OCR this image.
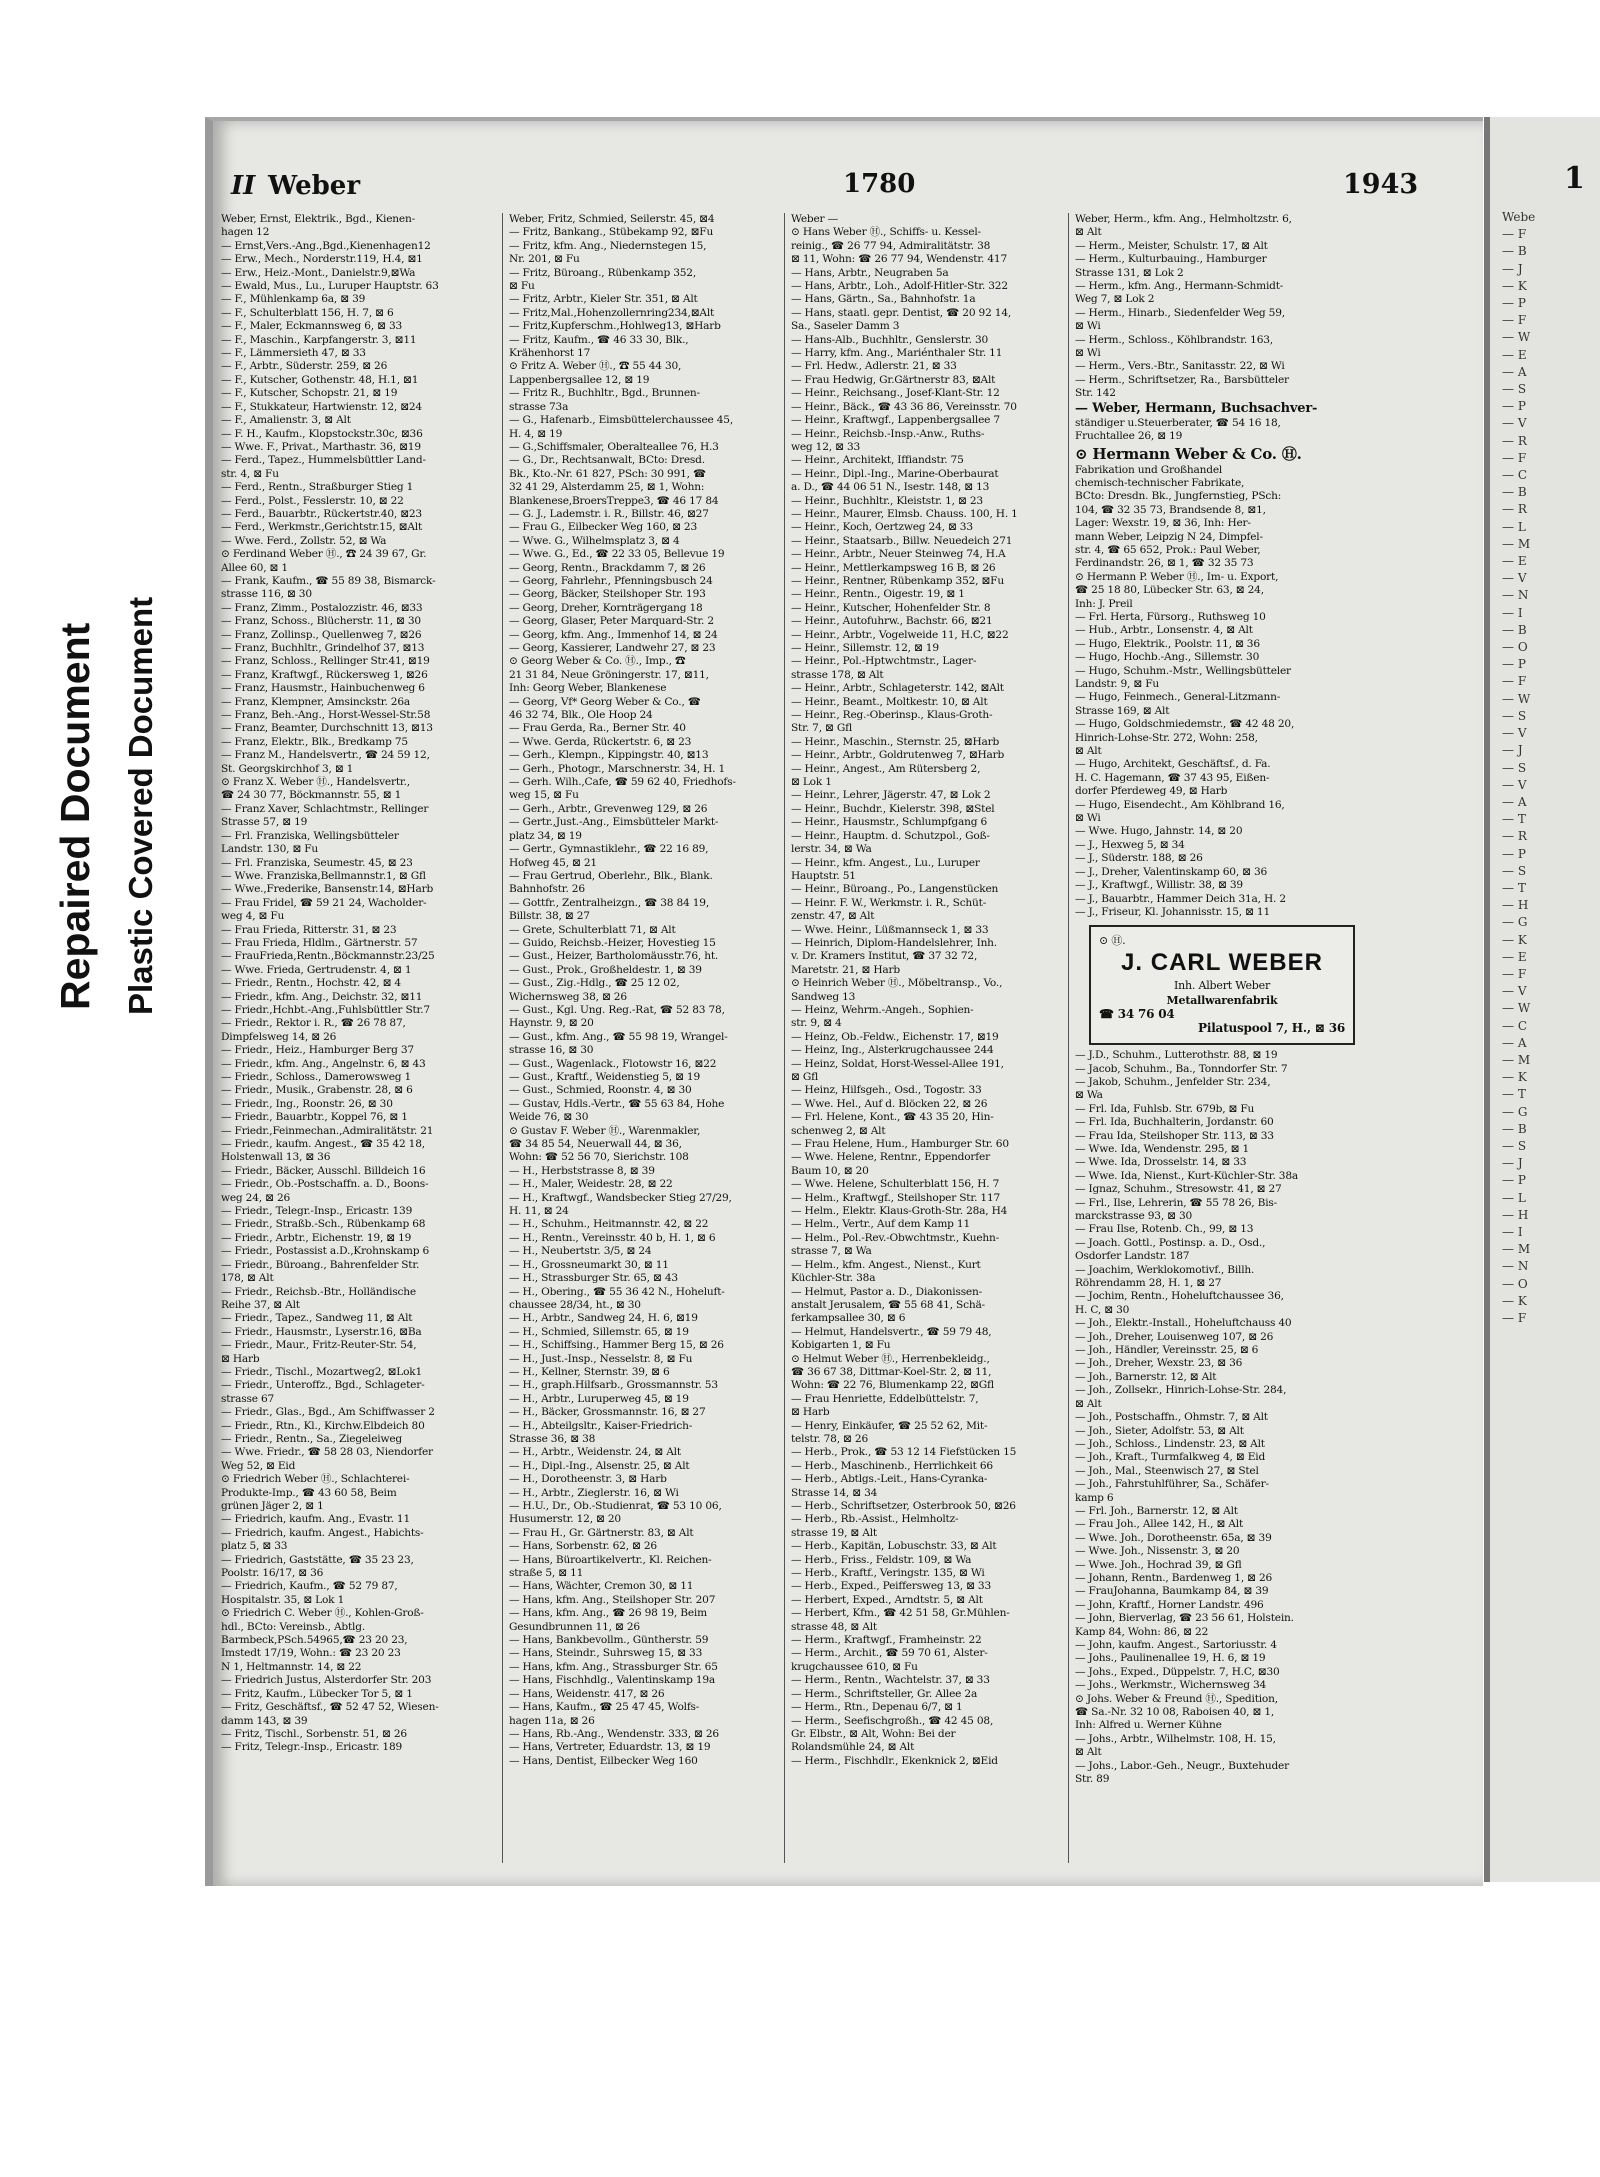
Repaired Document Plastic Covered Document
II Weber	1780	1943
Weber, Ernst, Elektrik., Bgd., Kienen-
hagen 12
— Ernst,Vers.-Ang.,Bgd.,Kienenhagen12
— Erw., Mech., Norderstr.119, H.4, ⊠1
— Erw., Heiz.-Mont., Danielstr.9,⊠Wa
— Ewald, Mus., Lu., Luruper Hauptstr. 63
— F., Mühlenkamp 6a, ⊠ 39
— F., Schulterblatt 156, H. 7, ⊠ 6
— F., Maler, Eckmannsweg 6, ⊠ 33
— F., Maschin., Karpfangerstr. 3, ⊠11
— F., Lämmersieth 47, ⊠ 33
— F., Arbtr., Süderstr. 259, ⊠ 26
— F., Kutscher, Gothenstr. 48, H.1, ⊠1
— F., Kutscher, Schopstr. 21, ⊠ 19
— F., Stukkateur, Hartwienstr. 12, ⊠24
— F., Amalienstr. 3, ⊠ Alt
— F. H., Kaufm., Klopstockstr.30c, ⊠36
— Wwe. F., Privat., Marthastr. 36, ⊠19
— Ferd., Tapez., Hummelsbüttler Land-
str. 4, ⊠ Fu
— Ferd., Rentn., Straßburger Stieg 1
— Ferd., Polst., Fesslerstr. 10, ⊠ 22
— Ferd., Bauarbtr., Rückertstr.40, ⊠23
— Ferd., Werkmstr.,Gerichtstr.15, ⊠Alt
— Wwe. Ferd., Zollstr. 52, ⊠ Wa
⊙ Ferdinand Weber Ⓗ., ☎ 24 39 67, Gr.
Allee 60, ⊠ 1
— Frank, Kaufm., ☎ 55 89 38, Bismarck-
strasse 116, ⊠ 30
— Franz, Zimm., Postalozzistr. 46, ⊠33
— Franz, Schoss., Blücherstr. 11, ⊠ 30
— Franz, Zollinsp., Quellenweg 7, ⊠26
— Franz, Buchhltr., Grindelhof 37, ⊠13
— Franz, Schloss., Rellinger Str.41, ⊠19
— Franz, Kraftwgf., Rückersweg 1, ⊠26
— Franz, Hausmstr., Hainbuchenweg 6
— Franz, Klempner, Amsinckstr. 26a
— Franz, Beh.-Ang., Horst-Wessel-Str.58
— Franz, Beamter, Durchschnitt 13, ⊠13
— Franz, Elektr., Blk., Bredkamp 75
— Franz M., Handelsvertr., ☎ 24 59 12,
St. Georgskirchhof 3, ⊠ 1
⊙ Franz X. Weber Ⓗ., Handelsvertr.,
☎ 24 30 77, Böckmannstr. 55, ⊠ 1
— Franz Xaver, Schlachtmstr., Rellinger
Strasse 57, ⊠ 19
— Frl. Franziska, Wellingsbütteler
Landstr. 130, ⊠ Fu
— Frl. Franziska, Seumestr. 45, ⊠ 23
— Wwe. Franziska,Bellmannstr.1, ⊠ Gfl
— Wwe.,Frederike, Bansenstr.14, ⊠Harb
— Frau Fridel, ☎ 59 21 24, Wacholder-
weg 4, ⊠ Fu
— Frau Frieda, Ritterstr. 31, ⊠ 23
— Frau Frieda, Hldlm., Gärtnerstr. 57
— FrauFrieda,Rentn.,Böckmannstr.23/25
— Wwe. Frieda, Gertrudenstr. 4, ⊠ 1
— Friedr., Rentn., Hochstr. 42, ⊠ 4
— Friedr., kfm. Ang., Deichstr. 32, ⊠11
— Friedr.,Hchbt.-Ang.,Fuhlsbüttler Str.7
— Friedr., Rektor i. R., ☎ 26 78 87,
Dimpfelsweg 14, ⊠ 26
— Friedr., Heiz., Hamburger Berg 37
— Friedr., kfm. Ang., Angelnstr. 6, ⊠ 43
— Friedr., Schloss., Damerowsweg 1
— Friedr., Musik., Grabenstr. 28, ⊠ 6
— Friedr., Ing., Roonstr. 26, ⊠ 30
— Friedr., Bauarbtr., Koppel 76, ⊠ 1
— Friedr.,Feinmechan.,Admiralitätstr. 21
— Friedr., kaufm. Angest., ☎ 35 42 18,
Holstenwall 13, ⊠ 36
— Friedr., Bäcker, Ausschl. Billdeich 16
— Friedr., Ob.-Postschaffn. a. D., Boons-
weg 24, ⊠ 26
— Friedr., Telegr.-Insp., Ericastr. 139
— Friedr., Straßb.-Sch., Rübenkamp 68
— Friedr., Arbtr., Eichenstr. 19, ⊠ 19
— Friedr., Postassist a.D.,Krohnskamp 6
— Friedr., Büroang., Bahrenfelder Str.
178, ⊠ Alt
— Friedr., Reichsb.-Btr., Holländische
Reihe 37, ⊠ Alt
— Friedr., Tapez., Sandweg 11, ⊠ Alt
— Friedr., Hausmstr., Lyserstr.16, ⊠Ba
— Friedr., Maur., Fritz-Reuter-Str. 54,
⊠ Harb
— Friedr., Tischl., Mozartweg2, ⊠Lok1
— Friedr., Unteroffz., Bgd., Schlageter-
strasse 67
— Friedr., Glas., Bgd., Am Schiffwasser 2
— Friedr., Rtn., Kl., Kirchw.Elbdeich 80
— Friedr., Rentn., Sa., Ziegeleiweg
— Wwe. Friedr., ☎ 58 28 03, Niendorfer
Weg 52, ⊠ Eid
⊙ Friedrich Weber Ⓗ., Schlachterei-
Produkte-Imp., ☎ 43 60 58, Beim
grünen Jäger 2, ⊠ 1
— Friedrich, kaufm. Ang., Evastr. 11
— Friedrich, kaufm. Angest., Habichts-
platz 5, ⊠ 33
— Friedrich, Gaststätte, ☎ 35 23 23,
Poolstr. 16/17, ⊠ 36
— Friedrich, Kaufm., ☎ 52 79 87,
Hospitalstr. 35, ⊠ Lok 1
⊙ Friedrich C. Weber Ⓗ., Kohlen-Groß-
hdl., BCto: Vereinsb., Abtlg.
Barmbeck,PSch.54965,☎ 23 20 23,
Imstedt 17/19, Wohn.: ☎ 23 20 23
N 1, Heltmannstr. 14, ⊠ 22
— Friedrich Justus, Alsterdorfer Str. 203
— Fritz, Kaufm., Lübecker Tor 5, ⊠ 1
— Fritz, Geschäftsf., ☎ 52 47 52, Wiesen-
damm 143, ⊠ 39
— Fritz, Tischl., Sorbenstr. 51, ⊠ 26
— Fritz, Telegr.-Insp., Ericastr. 189
Weber, Fritz, Schmied, Seilerstr. 45, ⊠4
— Fritz, Bankang., Stübekamp 92, ⊠Fu
— Fritz, kfm. Ang., Niedernstegen 15,
Nr. 201, ⊠ Fu
— Fritz, Büroang., Rübenkamp 352,
⊠ Fu
— Fritz, Arbtr., Kieler Str. 351, ⊠ Alt
— Fritz,Mal.,Hohenzollernring234,⊠Alt
— Fritz,Kupferschm.,Hohlweg13, ⊠Harb
— Fritz, Kaufm., ☎ 46 33 30, Blk.,
Krähenhorst 17
⊙ Fritz A. Weber Ⓗ., ☎ 55 44 30,
Lappenbergsallee 12, ⊠ 19
— Fritz R., Buchhltr., Bgd., Brunnen-
strasse 73a
— G., Hafenarb., Eimsbüttelerchaussee 45,
H. 4, ⊠ 19
— G.,Schiffsmaler, Oberalteallee 76, H.3
— G., Dr., Rechtsanwalt, BCto: Dresd.
Bk., Kto.-Nr. 61 827, PSch: 30 991, ☎
32 41 29, Alsterdamm 25, ⊠ 1, Wohn:
Blankenese,BroersTreppe3, ☎ 46 17 84
— G. J., Lademstr. i. R., Billstr. 46, ⊠27
— Frau G., Eilbecker Weg 160, ⊠ 23
— Wwe. G., Wilhelmsplatz 3, ⊠ 4
— Wwe. G., Ed., ☎ 22 33 05, Bellevue 19
— Georg, Rentn., Brackdamm 7, ⊠ 26
— Georg, Fahrlehr., Pfenningsbusch 24
— Georg, Bäcker, Steilshoper Str. 193
— Georg, Dreher, Kornträgergang 18
— Georg, Glaser, Peter Marquard-Str. 2
— Georg, kfm. Ang., Immenhof 14, ⊠ 24
— Georg, Kassierer, Landwehr 27, ⊠ 23
⊙ Georg Weber & Co. Ⓗ., Imp., ☎
21 31 84, Neue Gröningerstr. 17, ⊠11,
Inh: Georg Weber, Blankenese
— Georg, Vf* Georg Weber & Co., ☎
46 32 74, Blk., Ole Hoop 24
— Frau Gerda, Ra., Berner Str. 40
— Wwe. Gerda, Rückertstr. 6, ⊠ 23
— Gerh., Klempn., Kippingstr. 40, ⊠13
— Gerh., Photogr., Marschnerstr. 34, H. 1
— Gerh. Wilh.,Cafe, ☎ 59 62 40, Friedhofs-
weg 15, ⊠ Fu
— Gerh., Arbtr., Grevenweg 129, ⊠ 26
— Gertr.,Just.-Ang., Eimsbütteler Markt-
platz 34, ⊠ 19
— Gertr., Gymnastiklehr., ☎ 22 16 89,
Hofweg 45, ⊠ 21
— Frau Gertrud, Oberlehr., Blk., Blank.
Bahnhofstr. 26
— Gottfr., Zentralheizgn., ☎ 38 84 19,
Billstr. 38, ⊠ 27
— Grete, Schulterblatt 71, ⊠ Alt
— Guido, Reichsb.-Heizer, Hovestieg 15
— Gust., Heizer, Bartholomäusstr.76, ht.
— Gust., Prok., Großheldestr. 1, ⊠ 39
— Gust., Zig.-Hdlg., ☎ 25 12 02,
Wichernsweg 38, ⊠ 26
— Gust., Kgl. Ung. Reg.-Rat, ☎ 52 83 78,
Haynstr. 9, ⊠ 20
— Gust., kfm. Ang., ☎ 55 98 19, Wrangel-
strasse 16, ⊠ 30
— Gust., Wagenlack., Flotowstr 16, ⊠22
— Gust., Kraftf., Weidenstieg 5, ⊠ 19
— Gust., Schmied, Roonstr. 4, ⊠ 30
— Gustav, Hdls.-Vertr., ☎ 55 63 84, Hohe
Weide 76, ⊠ 30
⊙ Gustav F. Weber Ⓗ., Warenmakler,
☎ 34 85 54, Neuerwall 44, ⊠ 36,
Wohn: ☎ 52 56 70, Sierichstr. 108
— H., Herbststrasse 8, ⊠ 39
— H., Maler, Weidestr. 28, ⊠ 22
— H., Kraftwgf., Wandsbecker Stieg 27/29,
H. 11, ⊠ 24
— H., Schuhm., Heitmannstr. 42, ⊠ 22
— H., Rentn., Vereinsstr. 40 b, H. 1, ⊠ 6
— H., Neubertstr. 3/5, ⊠ 24
— H., Grossneumarkt 30, ⊠ 11
— H., Strassburger Str. 65, ⊠ 43
— H., Obering., ☎ 55 36 42 N., Hoheluft-
chaussee 28/34, ht., ⊠ 30
— H., Arbtr., Sandweg 24, H. 6, ⊠19
— H., Schmied, Sillemstr. 65, ⊠ 19
— H., Schiffsing., Hammer Berg 15, ⊠ 26
— H., Just.-Insp., Nesselstr. 8, ⊠ Fu
— H., Kellner, Sternstr. 39, ⊠ 6
— H., graph.Hilfsarb., Grossmannstr. 53
— H., Arbtr., Luruperweg 45, ⊠ 19
— H., Bäcker, Grossmannstr. 16, ⊠ 27
— H., Abteilgsltr., Kaiser-Friedrich-
Strasse 36, ⊠ 38
— H., Arbtr., Weidenstr. 24, ⊠ Alt
— H., Dipl.-Ing., Alsenstr. 25, ⊠ Alt
— H., Dorotheenstr. 3, ⊠ Harb
— H., Arbtr., Zieglerstr. 16, ⊠ Wi
— H.U., Dr., Ob.-Studienrat, ☎ 53 10 06,
Husumerstr. 12, ⊠ 20
— Frau H., Gr. Gärtnerstr. 83, ⊠ Alt
— Hans, Sorbenstr. 62, ⊠ 26
— Hans, Büroartikelvertr., Kl. Reichen-
straße 5, ⊠ 11
— Hans, Wächter, Cremon 30, ⊠ 11
— Hans, kfm. Ang., Steilshoper Str. 207
— Hans, kfm. Ang., ☎ 26 98 19, Beim
Gesundbrunnen 11, ⊠ 26
— Hans, Bankbevollm., Güntherstr. 59
— Hans, Steindr., Suhrsweg 15, ⊠ 33
— Hans, kfm. Ang., Strassburger Str. 65
— Hans, Fischhdlg., Valentinskamp 19a
— Hans, Weidenstr. 417, ⊠ 26
— Hans, Kaufm., ☎ 25 47 45, Wolfs-
hagen 11a, ⊠ 26
— Hans, Rb.-Ang., Wendenstr. 333, ⊠ 26
— Hans, Vertreter, Eduardstr. 13, ⊠ 19
— Hans, Dentist, Eilbecker Weg 160
Weber —
⊙ Hans Weber Ⓗ., Schiffs- u. Kessel-
reinig., ☎ 26 77 94, Admiralitätstr. 38
⊠ 11, Wohn: ☎ 26 77 94, Wendenstr. 417
— Hans, Arbtr., Neugraben 5a
— Hans, Arbtr., Loh., Adolf-Hitler-Str. 322
— Hans, Gärtn., Sa., Bahnhofstr. 1a
— Hans, staatl. gepr. Dentist, ☎ 20 92 14,
Sa., Saseler Damm 3
— Hans-Alb., Buchhltr., Genslerstr. 30
— Harry, kfm. Ang., Mariénthaler Str. 11
— Frl. Hedw., Adlerstr. 21, ⊠ 33
— Frau Hedwig, Gr.Gärtnerstr 83, ⊠Alt
— Heinr., Reichsang., Josef-Klant-Str. 12
— Heinr., Bäck., ☎ 43 36 86, Vereinsstr. 70
— Heinr., Kraftwgf., Lappenbergsallee 7
— Heinr., Reichsb.-Insp.-Anw., Ruths-
weg 12, ⊠ 33
— Heinr., Architekt, Iffiandstr. 75
— Heinr., Dipl.-Ing., Marine-Oberbaurat
a. D., ☎ 44 06 51 N., Isestr. 148, ⊠ 13
— Heinr., Buchhltr., Kleiststr. 1, ⊠ 23
— Heinr., Maurer, Elmsb. Chauss. 100, H. 1
— Heinr., Koch, Oertzweg 24, ⊠ 33
— Heinr., Staatsarb., Billw. Neuedeich 271
— Heinr., Arbtr., Neuer Steinweg 74, H.A
— Heinr., Mettlerkampsweg 16 B, ⊠ 26
— Heinr., Rentner, Rübenkamp 352, ⊠Fu
— Heinr., Rentn., Oigestr. 19, ⊠ 1
— Heinr., Kutscher, Hohenfelder Str. 8
— Heinr., Autofuhrw., Bachstr. 66, ⊠21
— Heinr., Arbtr., Vogelweide 11, H.C, ⊠22
— Heinr., Sillemstr. 12, ⊠ 19
— Heinr., Pol.-Hptwchtmstr., Lager-
strasse 178, ⊠ Alt
— Heinr., Arbtr., Schlageterstr. 142, ⊠Alt
— Heinr., Beamt., Moltkestr. 10, ⊠ Alt
— Heinr., Reg.-Oberinsp., Klaus-Groth-
Str. 7, ⊠ Gfl
— Heinr., Maschin., Sternstr. 25, ⊠Harb
— Heinr., Arbtr., Goldrutenweg 7, ⊠Harb
— Heinr., Angest., Am Rütersberg 2,
⊠ Lok 1
— Heinr., Lehrer, Jägerstr. 47, ⊠ Lok 2
— Heinr., Buchdr., Kielerstr. 398, ⊠Stel
— Heinr., Hausmstr., Schlumpfgang 6
— Heinr., Hauptm. d. Schutzpol., Goß-
lerstr. 34, ⊠ Wa
— Heinr., kfm. Angest., Lu., Luruper
Hauptstr. 51
— Heinr., Büroang., Po., Langenstücken
— Heinr. F. W., Werkmstr. i. R., Schüt-
zenstr. 47, ⊠ Alt
— Wwe. Heinr., Lüßmannseck 1, ⊠ 33
— Heinrich, Diplom-Handelslehrer, Inh.
v. Dr. Kramers Institut, ☎ 37 32 72,
Maretstr. 21, ⊠ Harb
⊙ Heinrich Weber Ⓗ., Möbeltransp., Vo.,
Sandweg 13
— Heinz, Wehrm.-Angeh., Sophien-
str. 9, ⊠ 4
— Heinz, Ob.-Feldw., Eichenstr. 17, ⊠19
— Heinz, Ing., Alsterkrugchaussee 244
— Heinz, Soldat, Horst-Wessel-Allee 191,
⊠ Gfl
— Heinz, Hilfsgeh., Osd., Togostr. 33
— Wwe. Hel., Auf d. Blöcken 22, ⊠ 26
— Frl. Helene, Kont., ☎ 43 35 20, Hin-
schenweg 2, ⊠ Alt
— Frau Helene, Hum., Hamburger Str. 60
— Wwe. Helene, Rentnr., Eppendorfer
Baum 10, ⊠ 20
— Wwe. Helene, Schulterblatt 156, H. 7
— Helm., Kraftwgf., Steilshoper Str. 117
— Helm., Elektr. Klaus-Groth-Str. 28a, H4
— Helm., Vertr., Auf dem Kamp 11
— Helm., Pol.-Rev.-Obwchtmstr., Kuehn-
strasse 7, ⊠ Wa
— Helm., kfm. Angest., Nienst., Kurt
Küchler-Str. 38a
— Helmut, Pastor a. D., Diakonissen-
anstalt Jerusalem, ☎ 55 68 41, Schä-
ferkampsallee 30, ⊠ 6
— Helmut, Handelsvertr., ☎ 59 79 48,
Kobigarten 1, ⊠ Fu
⊙ Helmut Weber Ⓗ., Herrenbekleidg.,
☎ 36 67 38, Dittmar-Koel-Str. 2, ⊠ 11,
Wohn: ☎ 22 76, Blumenkamp 22, ⊠Gfl
— Frau Henriette, Eddelbüttelstr. 7,
⊠ Harb
— Henry, Einkäufer, ☎ 25 52 62, Mit-
telstr. 78, ⊠ 26
— Herb., Prok., ☎ 53 12 14 Fiefstücken 15
— Herb., Maschinenb., Herrlichkeit 66
— Herb., Abtlgs.-Leit., Hans-Cyranka-
Strasse 14, ⊠ 34
— Herb., Schriftsetzer, Osterbrook 50, ⊠26
— Herb., Rb.-Assist., Helmholtz-
strasse 19, ⊠ Alt
— Herb., Kapitän, Lobuschstr. 33, ⊠ Alt
— Herb., Friss., Feldstr. 109, ⊠ Wa
— Herb., Kraftf., Veringstr. 135, ⊠ Wi
— Herb., Exped., Peiffersweg 13, ⊠ 33
— Herbert, Exped., Arndtstr. 5, ⊠ Alt
— Herbert, Kfm., ☎ 42 51 58, Gr.Mühlen-
strasse 48, ⊠ Alt
— Herm., Kraftwgf., Framheinstr. 22
— Herm., Archit., ☎ 59 70 61, Alster-
krugchaussee 610, ⊠ Fu
— Herm., Rentn., Wachtelstr. 37, ⊠ 33
— Herm., Schriftsteller, Gr. Allee 2a
— Herm., Rtn., Depenau 6/7, ⊠ 1
— Herm., Seefischgroßh., ☎ 42 45 08,
Gr. Elbstr., ⊠ Alt, Wohn: Bei der
Rolandsmühle 24, ⊠ Alt
— Herm., Fischhdlr., Ekenknick 2, ⊠Eid
Weber, Herm., kfm. Ang., Helmholtzstr. 6,
⊠ Alt
— Herm., Meister, Schulstr. 17, ⊠ Alt
— Herm., Kulturbauing., Hamburger
Strasse 131, ⊠ Lok 2
— Herm., kfm. Ang., Hermann-Schmidt-
Weg 7, ⊠ Lok 2
— Herm., Hinarb., Siedenfelder Weg 59,
⊠ Wi
— Herm., Schloss., Köhlbrandstr. 163,
⊠ Wi
— Herm., Vers.-Btr., Sanitasstr. 22, ⊠ Wi
— Herm., Schriftsetzer, Ra., Barsbütteler
Str. 142
— Weber, Hermann, Buchsachver-
ständiger u.Steuerberater, ☎ 54 16 18,
Fruchtallee 26, ⊠ 19
⊙ Hermann Weber & Co. Ⓗ.
Fabrikation und Großhandel
chemisch-technischer Fabrikate,
BCto: Dresdn. Bk., Jungfernstieg, PSch:
104, ☎ 32 35 73, Brandsende 8, ⊠1,
Lager: Wexstr. 19, ⊠ 36, Inh: Her-
mann Weber, Leipzig N 24, Dimpfel-
str. 4, ☎ 65 652, Prok.: Paul Weber,
Ferdinandstr. 26, ⊠ 1, ☎ 32 35 73
⊙ Hermann P. Weber Ⓗ., Im- u. Export,
☎ 25 18 80, Lübecker Str. 63, ⊠ 24,
Inh: J. Preil
— Frl. Herta, Fürsorg., Ruthsweg 10
— Hub., Arbtr., Lonsenstr. 4, ⊠ Alt
— Hugo, Elektrik., Poolstr. 11, ⊠ 36
— Hugo, Hochb.-Ang., Sillemstr. 30
— Hugo, Schuhm.-Mstr., Wellingsbütteler
Landstr. 9, ⊠ Fu
— Hugo, Feinmech., General-Litzmann-
Strasse 169, ⊠ Alt
— Hugo, Goldschmiedemstr., ☎ 42 48 20,
Hinrich-Lohse-Str. 272, Wohn: 258,
⊠ Alt
— Hugo, Architekt, Geschäftsf., d. Fa.
H. C. Hagemann, ☎ 37 43 95, Eißen-
dorfer Pferdeweg 49, ⊠ Harb
— Hugo, Eisendecht., Am Köhlbrand 16,
⊠ Wi
— Wwe. Hugo, Jahnstr. 14, ⊠ 20
— J., Hexweg 5, ⊠ 34
— J., Süderstr. 188, ⊠ 26
— J., Dreher, Valentinskamp 60, ⊠ 36
— J., Kraftwgf., Willistr. 38, ⊠ 39
— J., Bauarbtr., Hammer Deich 31a, H. 2
— J., Friseur, Kl. Johannisstr. 15, ⊠ 11
⊙ Ⓗ.
J. CARL WEBER
Inh. Albert Weber
Metallwarenfabrik
☎ 34 76 04
Pilatuspool 7, H., ⊠ 36
— J.D., Schuhm., Lutterothstr. 88, ⊠ 19
— Jacob, Schuhm., Ba., Tonndorfer Str. 7
— Jakob, Schuhm., Jenfelder Str. 234,
⊠ Wa
— Frl. Ida, Fuhlsb. Str. 679b, ⊠ Fu
— Frl. Ida, Buchhalterin, Jordanstr. 60
— Frau Ida, Steilshoper Str. 113, ⊠ 33
— Wwe. Ida, Wendenstr. 295, ⊠ 1
— Wwe. Ida, Drosselstr. 14, ⊠ 33
— Wwe. Ida, Nienst., Kurt-Küchler-Str. 38a
— Ignaz, Schuhm., Stresowstr. 41, ⊠ 27
— Frl., Ilse, Lehrerin, ☎ 55 78 26, Bis-
marckstrasse 93, ⊠ 30
— Frau Ilse, Rotenb. Ch., 99, ⊠ 13
— Joach. Gottl., Postinsp. a. D., Osd.,
Osdorfer Landstr. 187
— Joachim, Werklokomotivf., Billh.
Röhrendamm 28, H. 1, ⊠ 27
— Jochim, Rentn., Hoheluftchaussee 36,
H. C, ⊠ 30
— Joh., Elektr.-Install., Hoheluftchauss 40
— Joh., Dreher, Louisenweg 107, ⊠ 26
— Joh., Händler, Vereinsstr. 25, ⊠ 6
— Joh., Dreher, Wexstr. 23, ⊠ 36
— Joh., Barnerstr. 12, ⊠ Alt
— Joh., Zollsekr., Hinrich-Lohse-Str. 284,
⊠ Alt
— Joh., Postschaffn., Ohmstr. 7, ⊠ Alt
— Joh., Sieter, Adolfstr. 53, ⊠ Alt
— Joh., Schloss., Lindenstr. 23, ⊠ Alt
— Joh., Kraft., Turmfalkweg 4, ⊠ Eid
— Joh., Mal., Steenwisch 27, ⊠ Stel
— Joh., Fahrstuhlführer, Sa., Schäfer-
kamp 6
— Frl. Joh., Barnerstr. 12, ⊠ Alt
— Frau Joh., Allee 142, H., ⊠ Alt
— Wwe. Joh., Dorotheenstr. 65a, ⊠ 39
— Wwe. Joh., Nissenstr. 3, ⊠ 20
— Wwe. Joh., Hochrad 39, ⊠ Gfl
— Johann, Rentn., Bardenweg 1, ⊠ 26
— FrauJohanna, Baumkamp 84, ⊠ 39
— John, Kraftf., Horner Landstr. 496
— John, Bierverlag, ☎ 23 56 61, Holstein.
Kamp 84, Wohn: 86, ⊠ 22
— John, kaufm. Angest., Sartoriusstr. 4
— Johs., Paulinenallee 19, H. 6, ⊠ 19
— Johs., Exped., Düppelstr. 7, H.C, ⊠30
— Johs., Werkmstr., Wichernsweg 34
⊙ Johs. Weber & Freund Ⓗ., Spedition,
☎ Sa.-Nr. 32 10 08, Raboisen 40, ⊠ 1,
Inh: Alfred u. Werner Kühne
— Johs., Arbtr., Wilhelmstr. 108, H. 15,
⊠ Alt
— Johs., Labor.-Geh., Neugr., Buxtehuder
Str. 89
1
Webe
— F
— B
— J
— K
— P
— F
— W
— E
— A
— S
— P
— V
— R
— F
— C
— B
— R
— L
— M
— E
— V
— N
— I
— B
— O
— P
— F
— W
— S
— V
— J
— S
— V
— A
— T
— R
— P
— S
— T
— H
— G
— K
— E
— F
— V
— W
— C
— A
— M
— K
— T
— G
— B
— S
— J
— P
— L
— H
— I
— M
— N
— O
— K
— F
